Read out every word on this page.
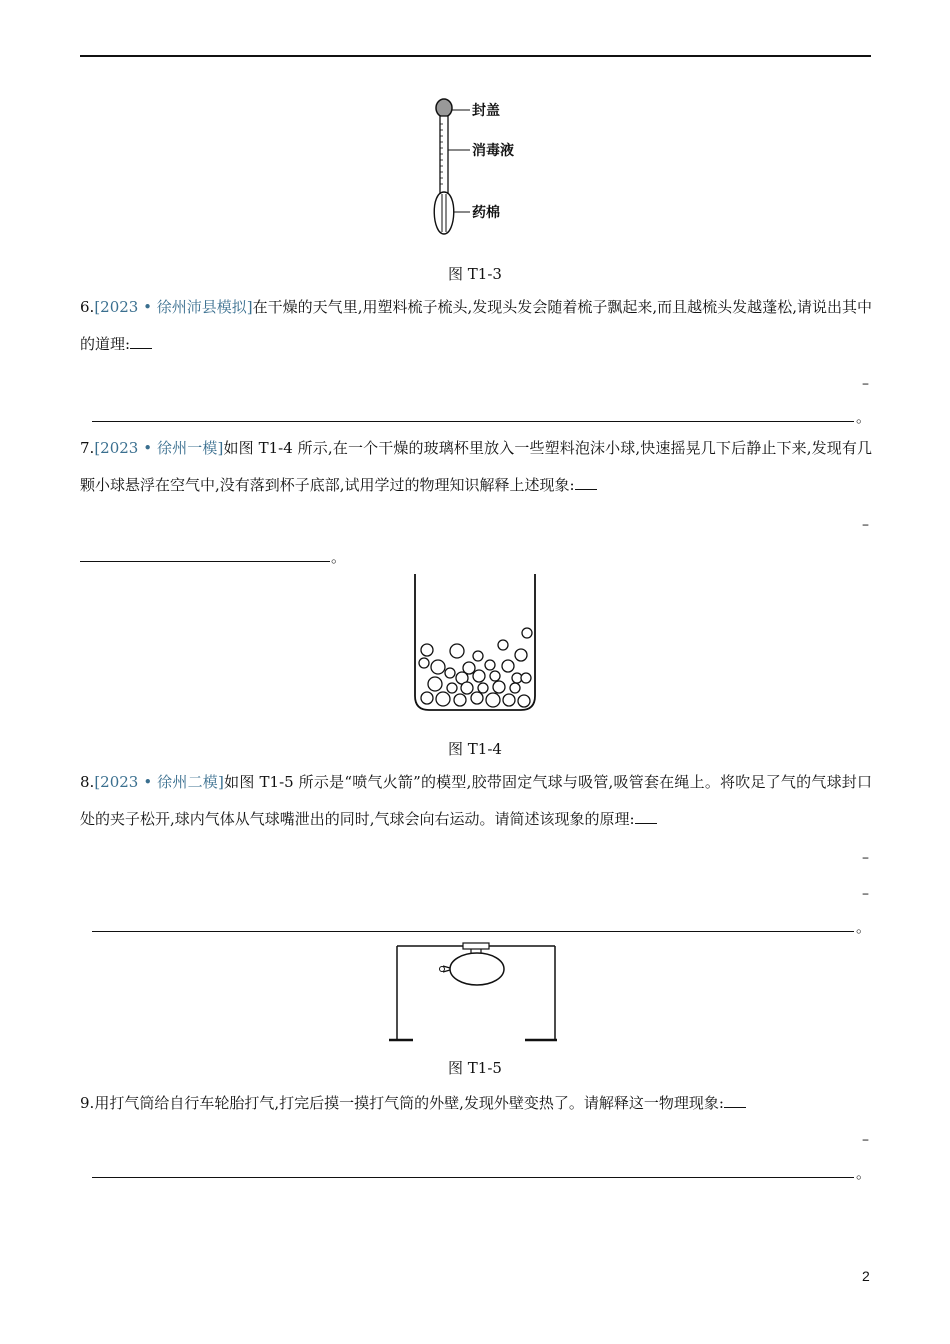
封盖
消毒液
药棉
图 T1-3
6.[2023 • 徐州沛县模拟]在干燥的天气里,用塑料梳子梳头,发现头发会随着梳子飘起来,而且越梳头发越蓬松,请说出其中的道理:
–
。
7.[2023 • 徐州一模]如图 T1-4 所示,在一个干燥的玻璃杯里放入一些塑料泡沫小球,快速摇晃几下后静止下来,发现有几颗小球悬浮在空气中,没有落到杯子底部,试用学过的物理知识解释上述现象:
–
。
图 T1-4
8.[2023 • 徐州二模]如图 T1-5 所示是“喷气火箭”的模型,胶带固定气球与吸管,吸管套在绳上。将吹足了气的气球封口处的夹子松开,球内气体从气球嘴泄出的同时,气球会向右运动。请简述该现象的原理:
–
–
。
图 T1-5
9.用打气筒给自行车轮胎打气,打完后摸一摸打气筒的外壁,发现外壁变热了。请解释这一物理现象:
–
。
2
